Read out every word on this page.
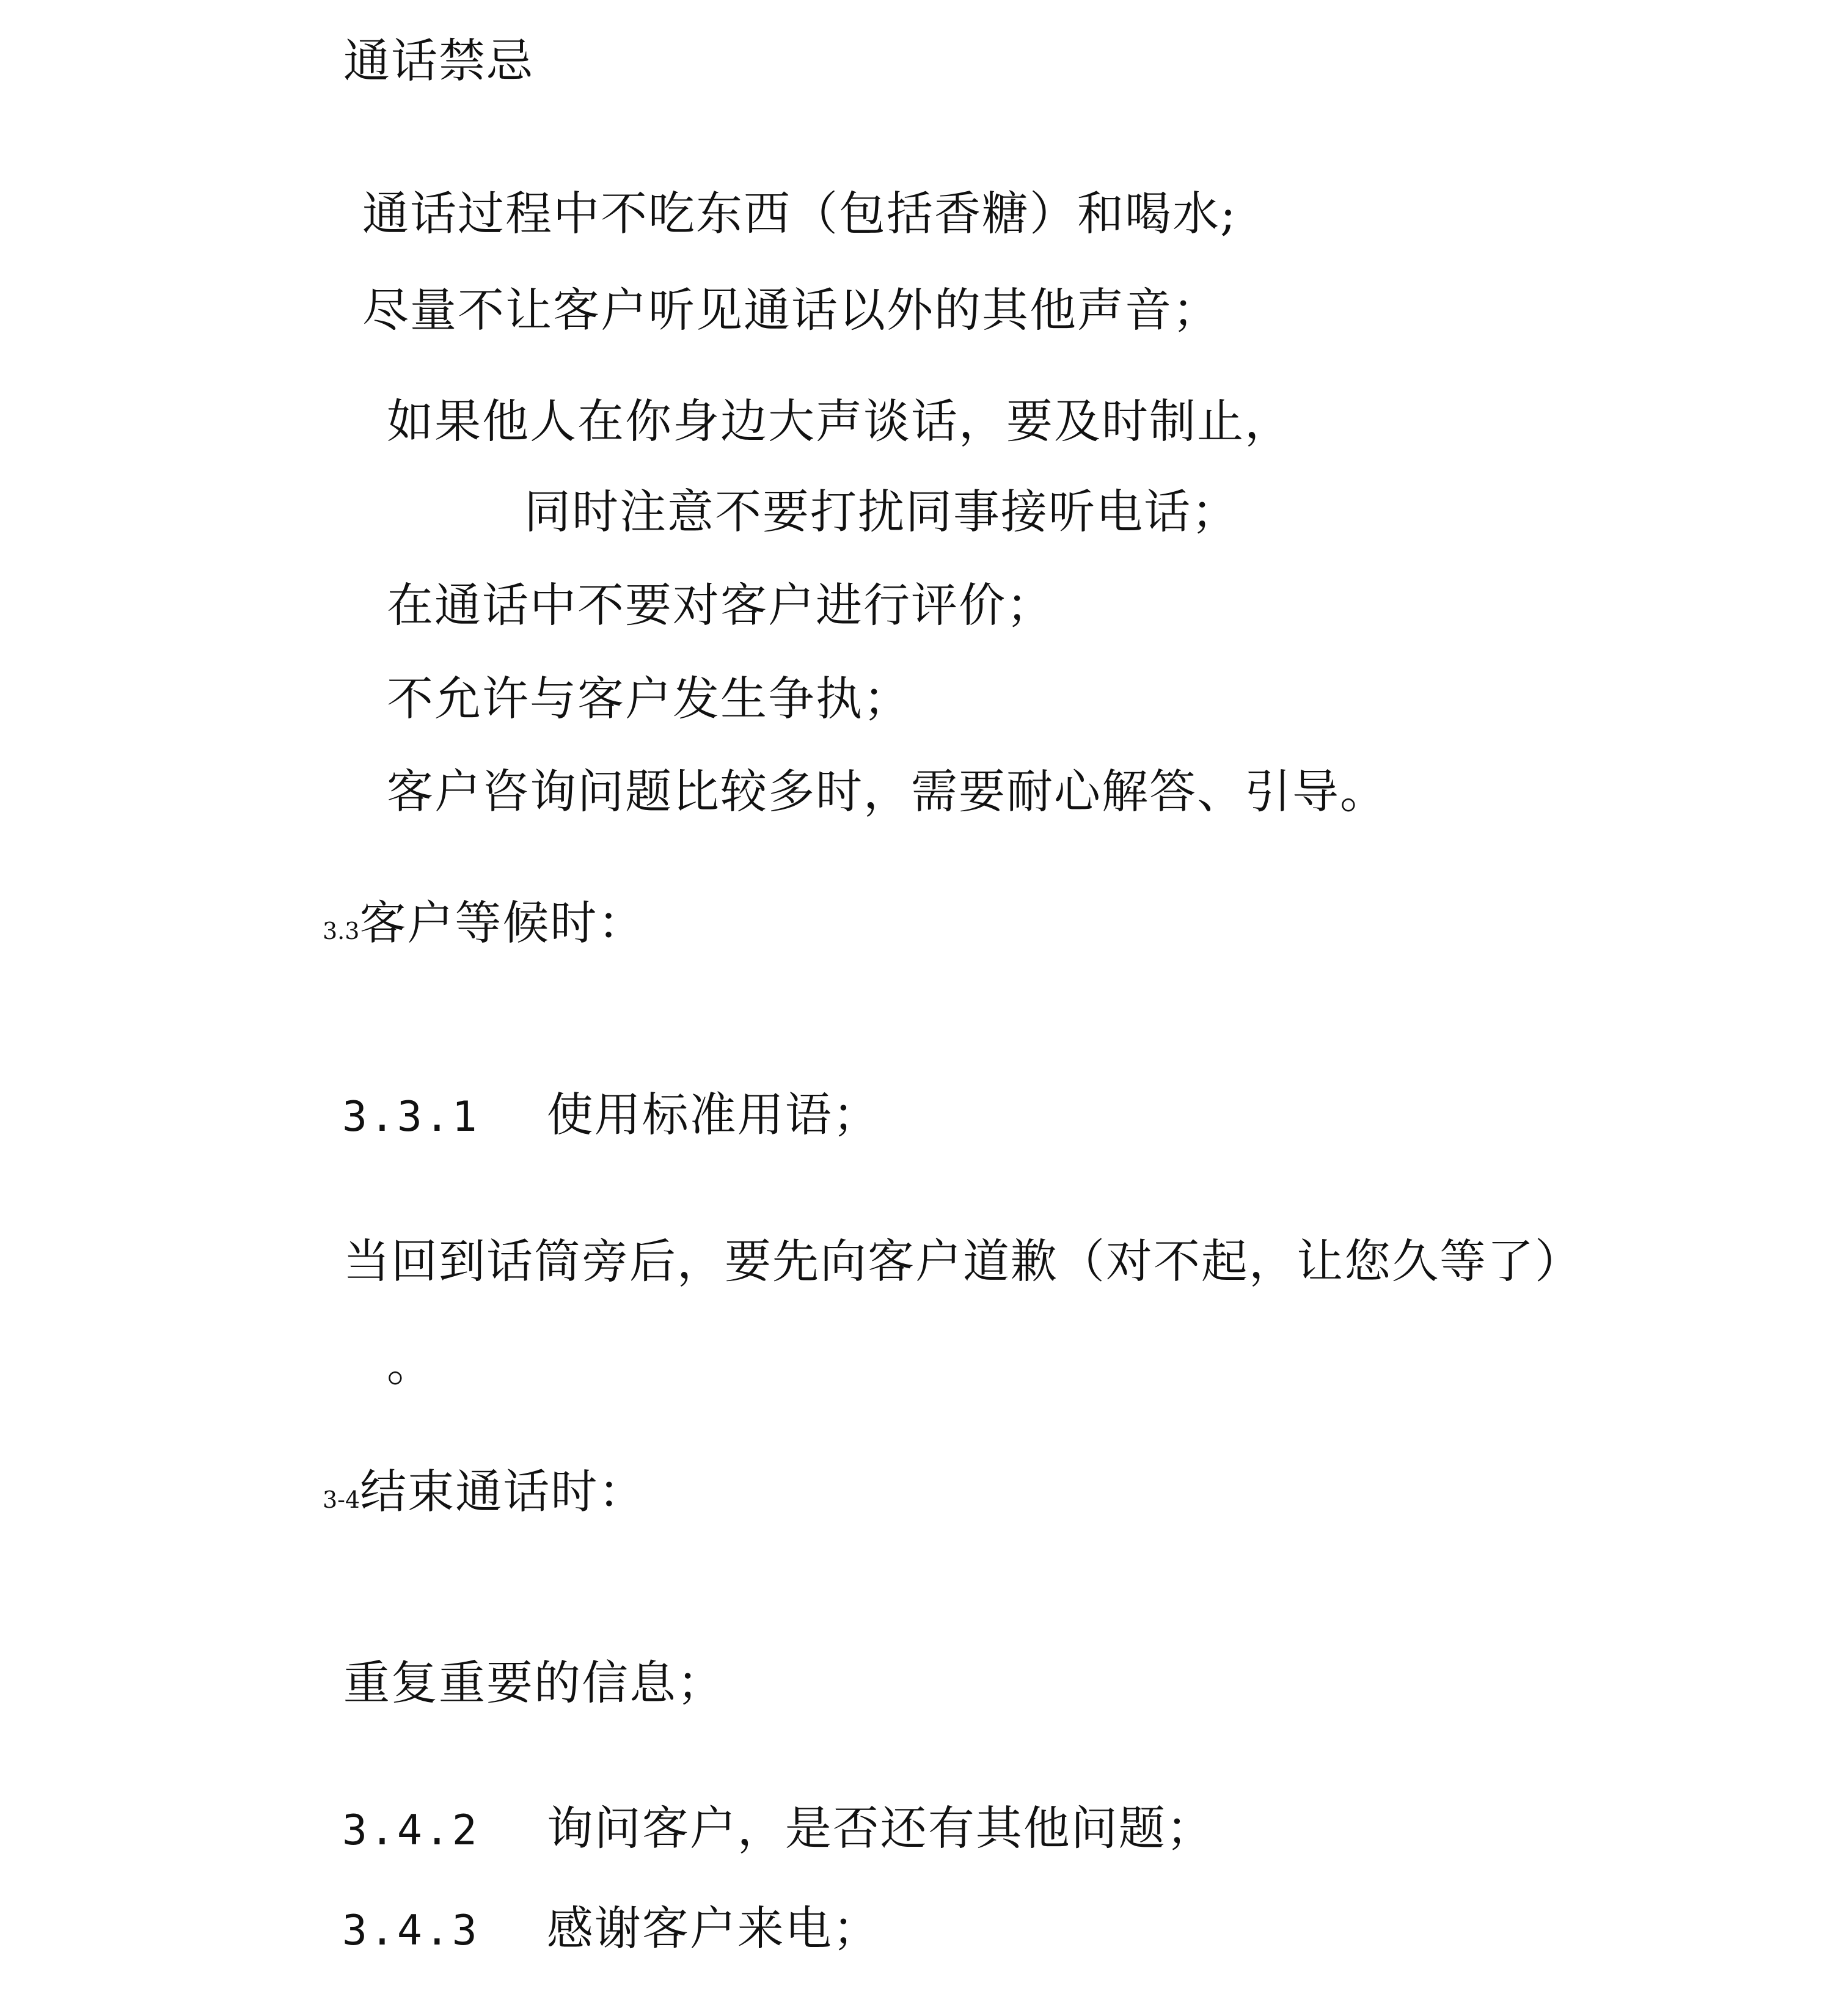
通话禁忌
通话过程中不吃东西（包括香糖）和喝水;
尽量不让客户听见通话以外的其他声音；
如果他人在你身边大声谈话，要及时制止，
同时注意不要打扰同事接听电话；
在通话中不要对客户进行评价；
不允许与客户发生争执；
客户咨询问题比较多时，需要耐心解答、引导。
3.3客户等候时：
3.3.1 使用标准用语；
当回到话筒旁后，要先向客户道歉（对不起，让您久等了）
。
3-4结束通话时：
重复重要的信息；
3.4.2 询问客户，是否还有其他问题；
3.4.3 感谢客户来电；
